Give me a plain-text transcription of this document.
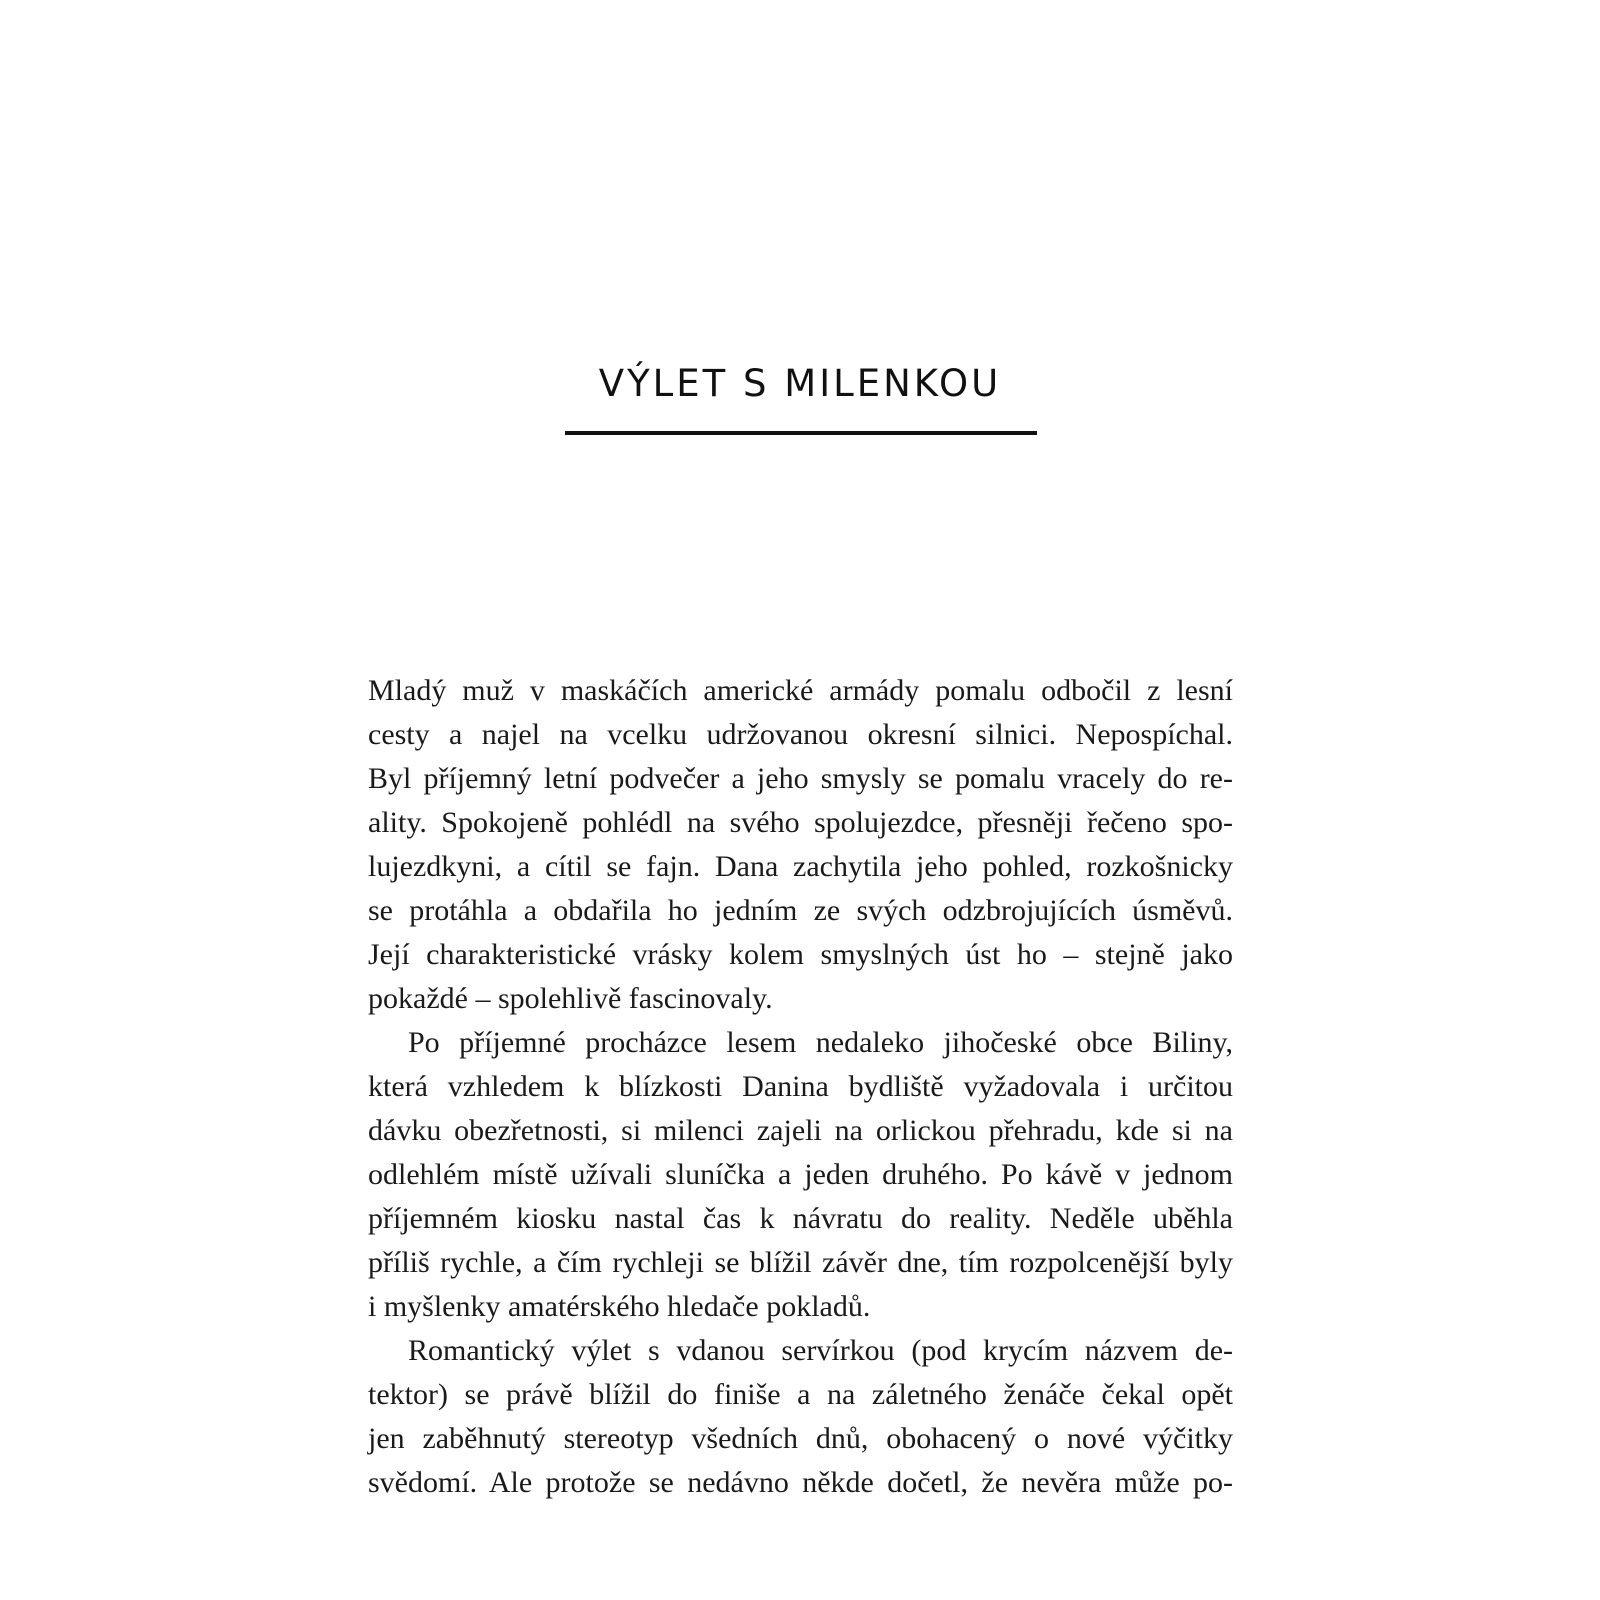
VÝLET S MILENKOU

Mladý muž v maskáčích americké armády pomalu odbočil z lesní
cesty a najel na vcelku udržovanou okresní silnici. Nepospíchal.
Byl příjemný letní podvečer a jeho smysly se pomalu vracely do re-
ality. Spokojeně pohlédl na svého spolujezdce, přesněji řečeno spo-
lujezdkyni, a cítil se fajn. Dana zachytila jeho pohled, rozkošnicky
se protáhla a obdařila ho jedním ze svých odzbrojujících úsměvů.
Její charakteristické vrásky kolem smyslných úst ho – stejně jako
pokaždé – spolehlivě fascinovaly.

Po příjemné procházce lesem nedaleko jihočeské obce Biliny,
která vzhledem k blízkosti Danina bydliště vyžadovala i určitou
dávku obezřetnosti, si milenci zajeli na orlickou přehradu, kde si na
odlehlém místě užívali sluníčka a jeden druhého. Po kávě v jednom
příjemném kiosku nastal čas k návratu do reality. Neděle uběhla
příliš rychle, a čím rychleji se blížil závěr dne, tím rozpolcenější byly
i myšlenky amatérského hledače pokladů.

Romantický výlet s vdanou servírkou (pod krycím názvem de-
tektor) se právě blížil do finiše a na záletného ženáče čekal opět
jen zaběhnutý stereotyp všedních dnů, obohacený o nové výčitky
svědomí. Ale protože se nedávno někde dočetl, že nevěra může po-
